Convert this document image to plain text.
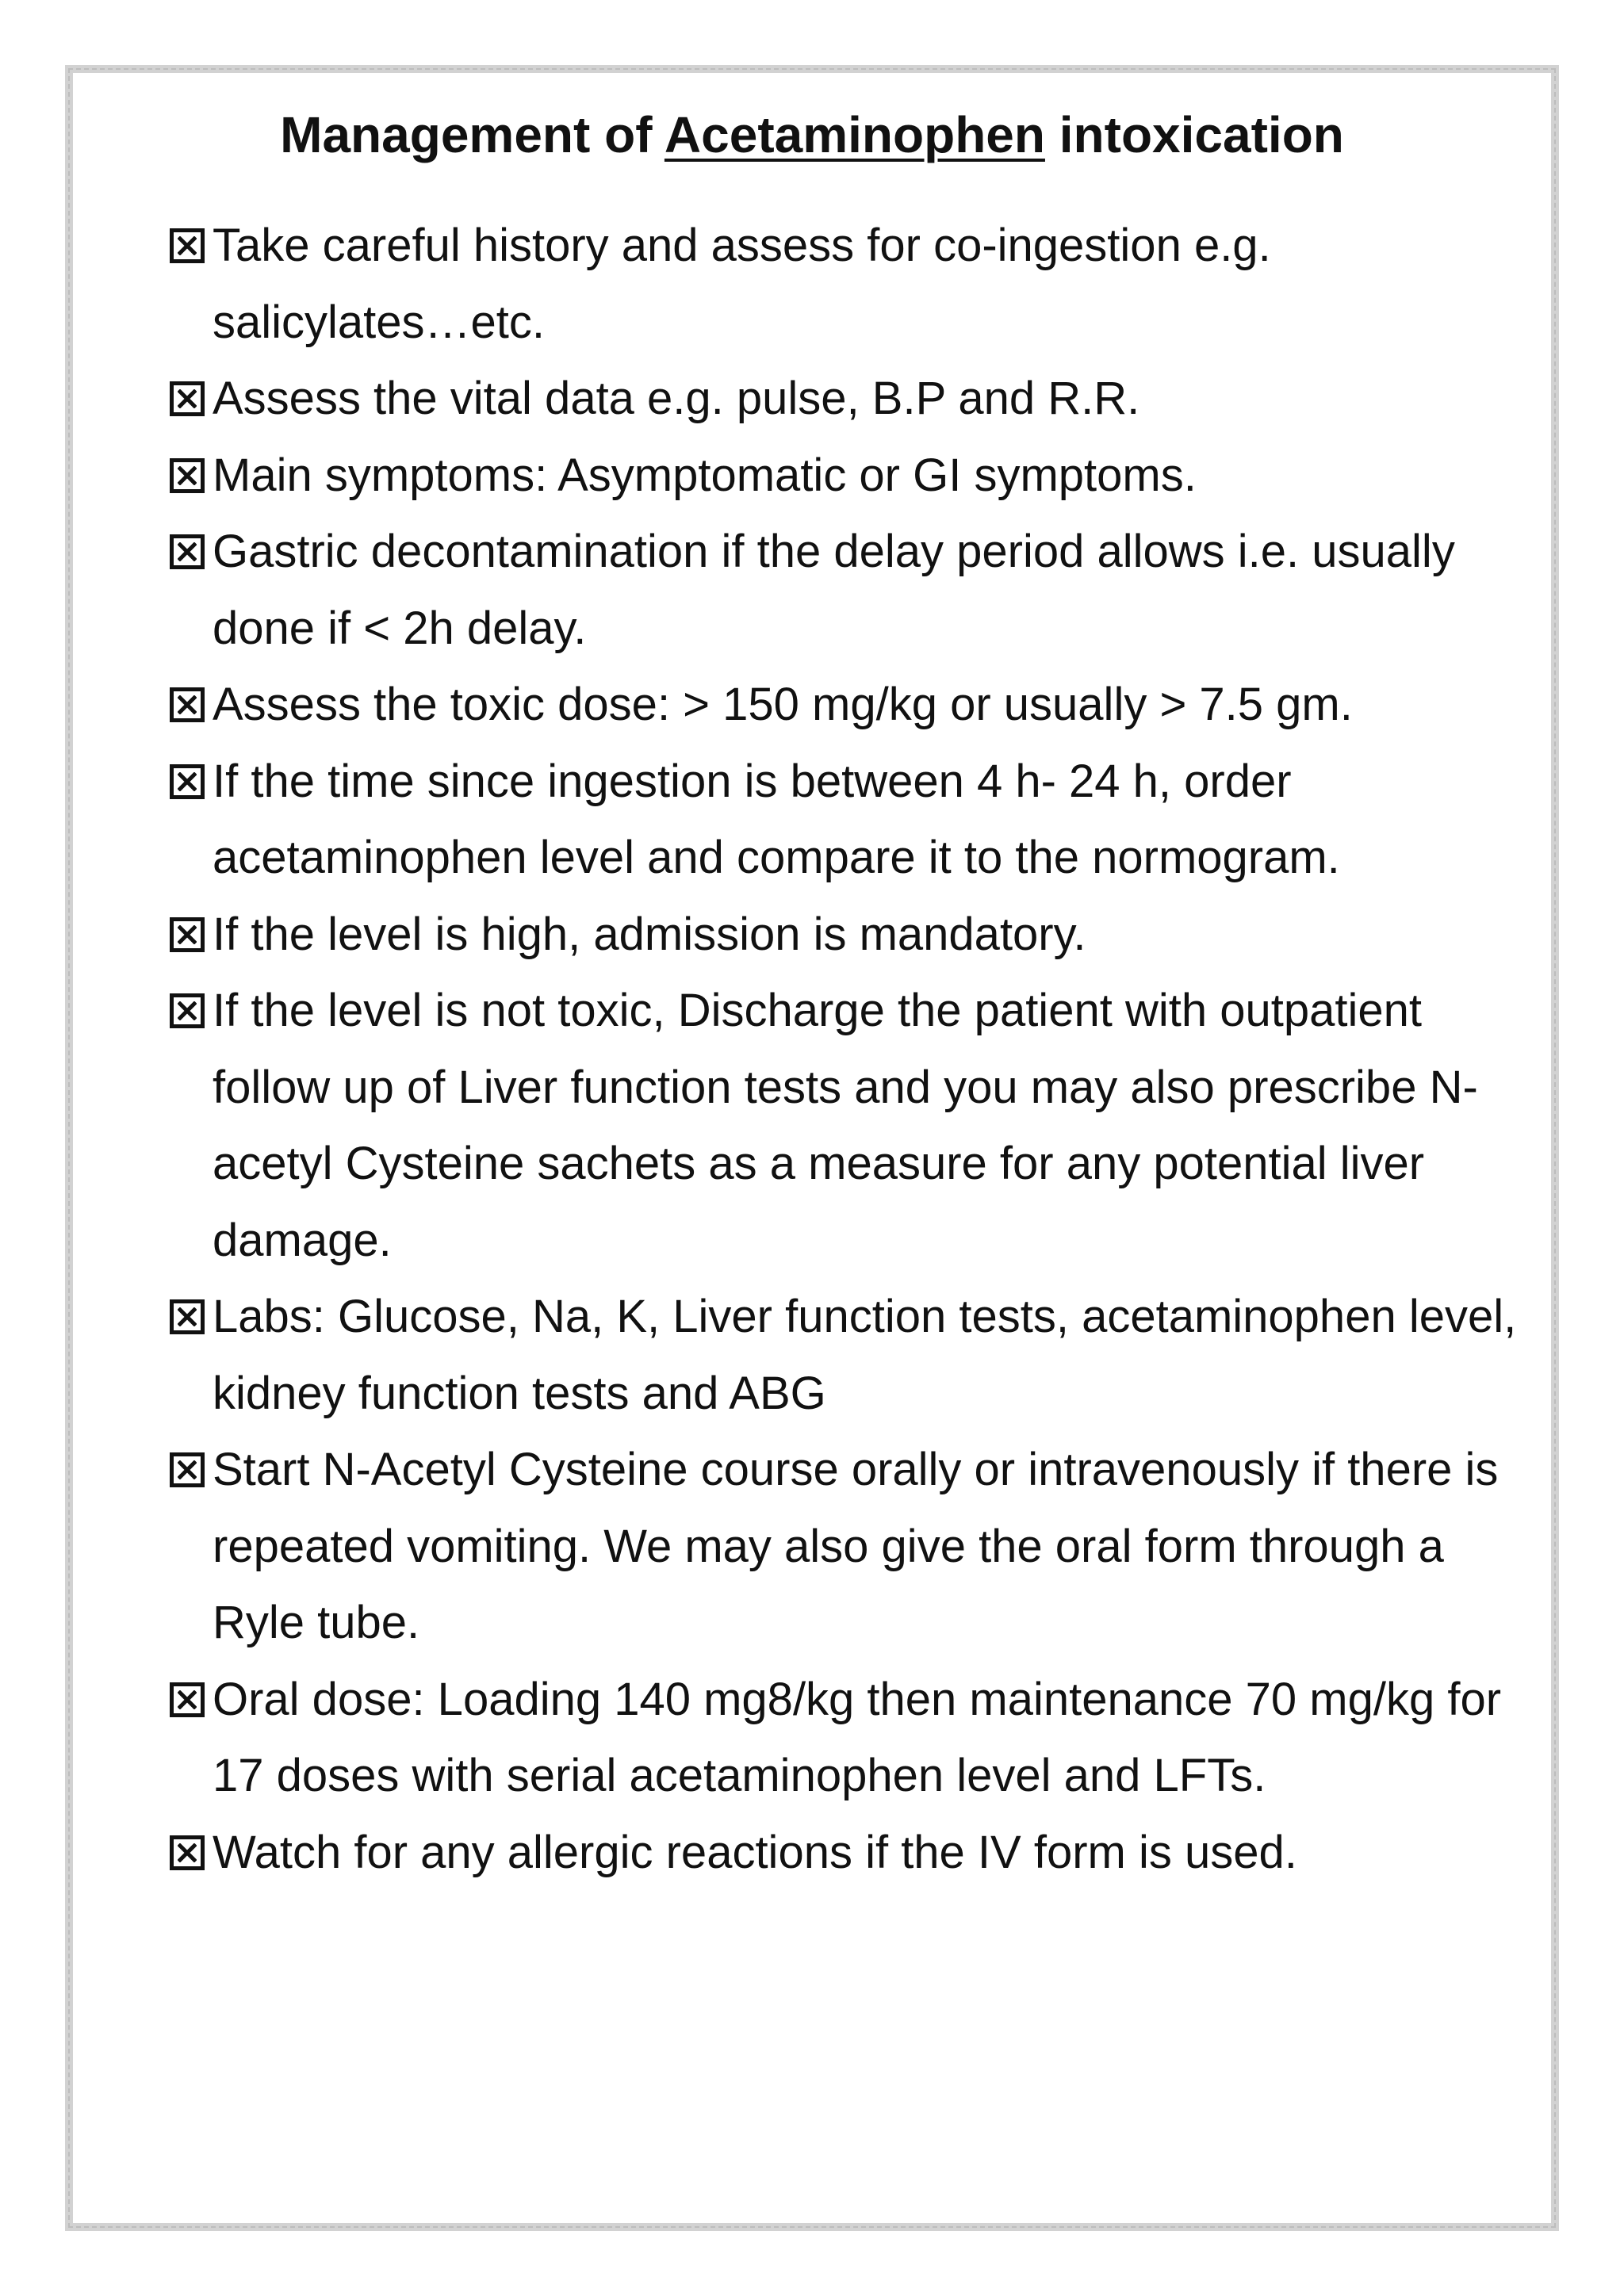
Management of Acetaminophen intoxication
Take careful history and assess for co-ingestion e.g. salicylates…etc.
Assess the vital data e.g. pulse, B.P and R.R.
Main symptoms: Asymptomatic or GI symptoms.
Gastric decontamination if the delay period allows i.e. usually done if < 2h delay.
Assess the toxic dose: > 150 mg/kg or usually > 7.5 gm.
If the time since ingestion is between 4 h- 24 h, order acetaminophen level and compare it to the normogram.
If the level is high, admission is mandatory.
If the level is not toxic, Discharge the patient with outpatient follow up of Liver function tests and you may also prescribe N-acetyl Cysteine sachets as a measure for any potential liver damage.
Labs: Glucose, Na, K, Liver function tests, acetaminophen level, kidney function tests and ABG
Start N-Acetyl Cysteine course orally or intravenously if there is repeated vomiting. We may also give the oral form through a Ryle tube.
Oral dose: Loading 140 mg8/kg then maintenance 70 mg/kg for 17 doses with serial acetaminophen level and LFTs.
Watch for any allergic reactions if the IV form is used.
